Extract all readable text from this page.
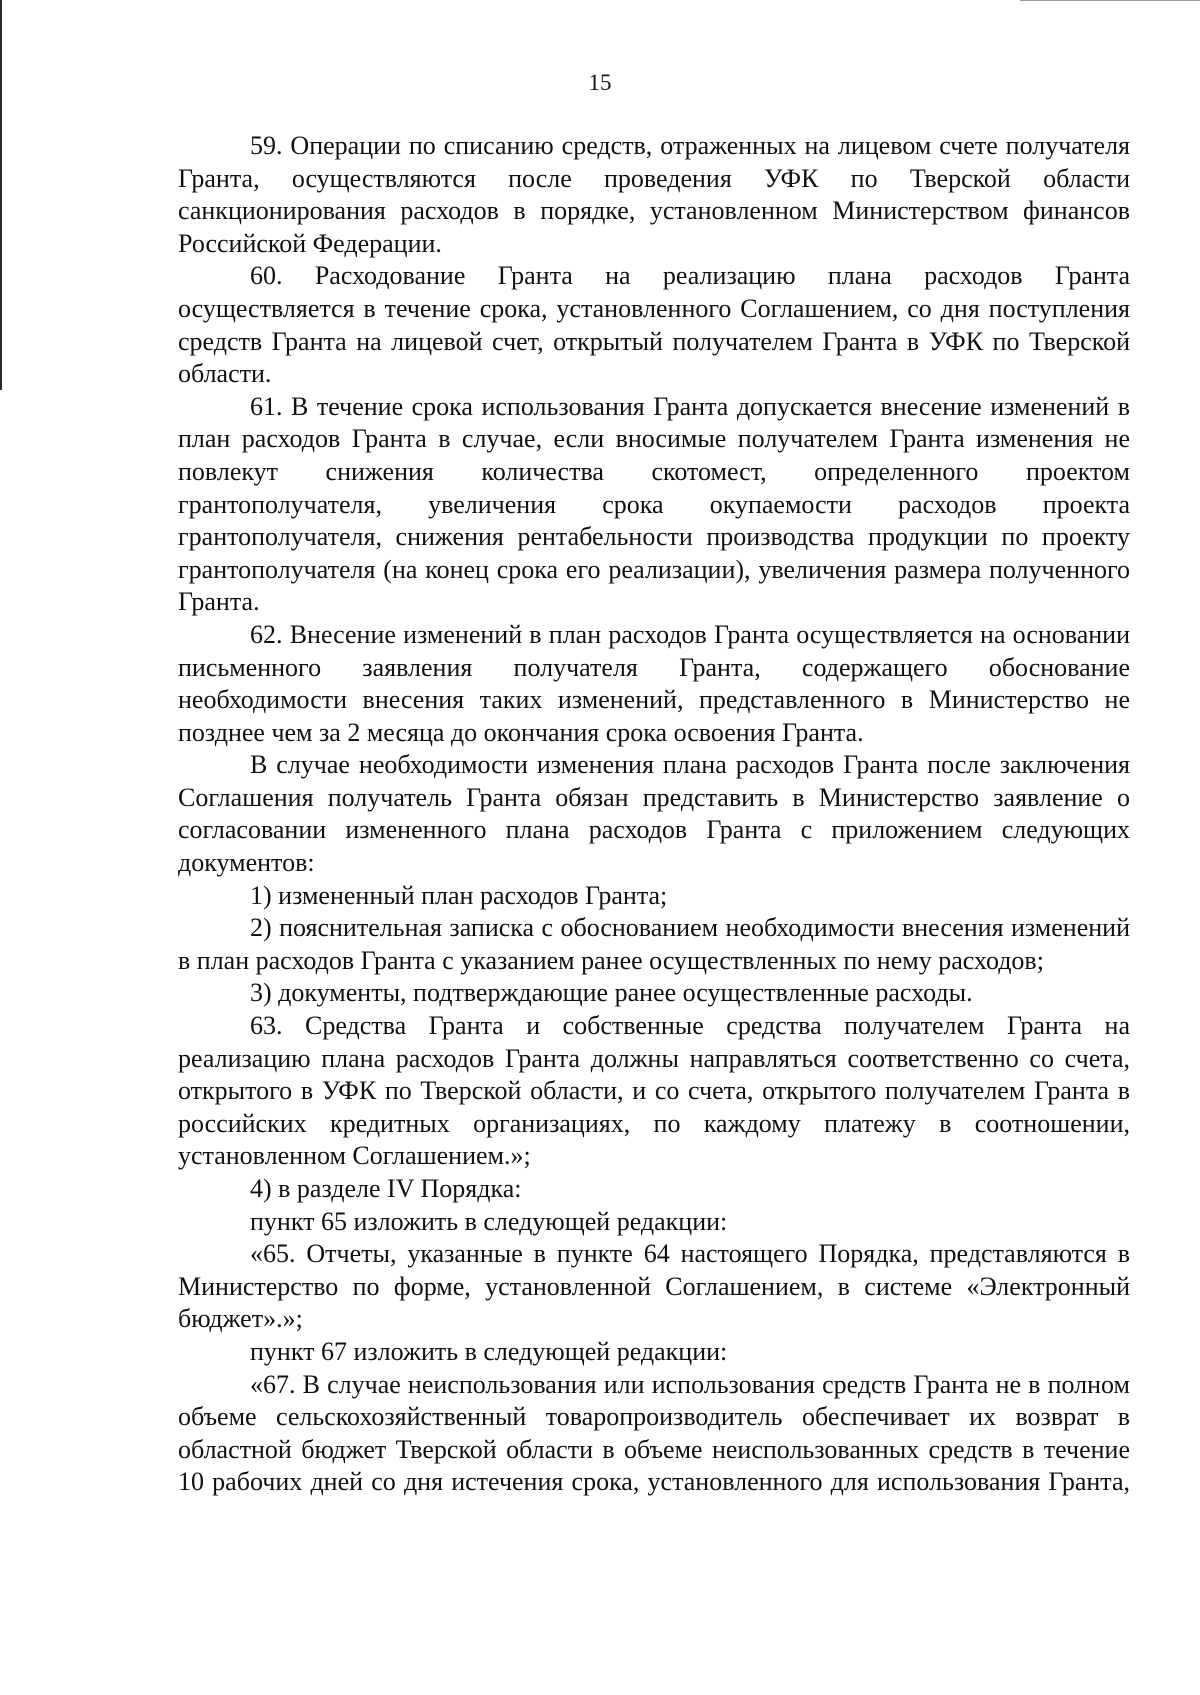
15

59. Операции по списанию средств, отраженных на лицевом счете получателя Гранта, осуществляются после проведения УФК по Тверской области санкционирования расходов в порядке, установленном Министерством финансов Российской Федерации.

60. Расходование Гранта на реализацию плана расходов Гранта осуществляется в течение срока, установленного Соглашением, со дня поступления средств Гранта на лицевой счет, открытый получателем Гранта в УФК по Тверской области.

61. В течение срока использования Гранта допускается внесение изменений в план расходов Гранта в случае, если вносимые получателем Гранта изменения не повлекут снижения количества скотомест, определенного проектом грантополучателя, увеличения срока окупаемости расходов проекта грантополучателя, снижения рентабельности производства продукции по проекту грантополучателя (на конец срока его реализации), увеличения размера полученного Гранта.

62. Внесение изменений в план расходов Гранта осуществляется на основании письменного заявления получателя Гранта, содержащего обоснование необходимости внесения таких изменений, представленного в Министерство не позднее чем за 2 месяца до окончания срока освоения Гранта.

В случае необходимости изменения плана расходов Гранта после заключения Соглашения получатель Гранта обязан представить в Министерство заявление о согласовании измененного плана расходов Гранта с приложением следующих документов:

1) измененный план расходов Гранта;

2) пояснительная записка с обоснованием необходимости внесения изменений в план расходов Гранта с указанием ранее осуществленных по нему расходов;

3) документы, подтверждающие ранее осуществленные расходы.

63. Средства Гранта и собственные средства получателем Гранта на реализацию плана расходов Гранта должны направляться соответственно со счета, открытого в УФК по Тверской области, и со счета, открытого получателем Гранта в российских кредитных организациях, по каждому платежу в соотношении, установленном Соглашением.»;

4) в разделе IV Порядка:

пункт 65 изложить в следующей редакции:

«65. Отчеты, указанные в пункте 64 настоящего Порядка, представляются в Министерство по форме, установленной Соглашением, в системе «Электронный бюджет».»;

пункт 67 изложить в следующей редакции:

«67. В случае неиспользования или использования средств Гранта не в полном объеме сельскохозяйственный товаропроизводитель обеспечивает их возврат в областной бюджет Тверской области в объеме неиспользованных средств в течение 10 рабочих дней со дня истечения срока, установленного для использования Гранта,
